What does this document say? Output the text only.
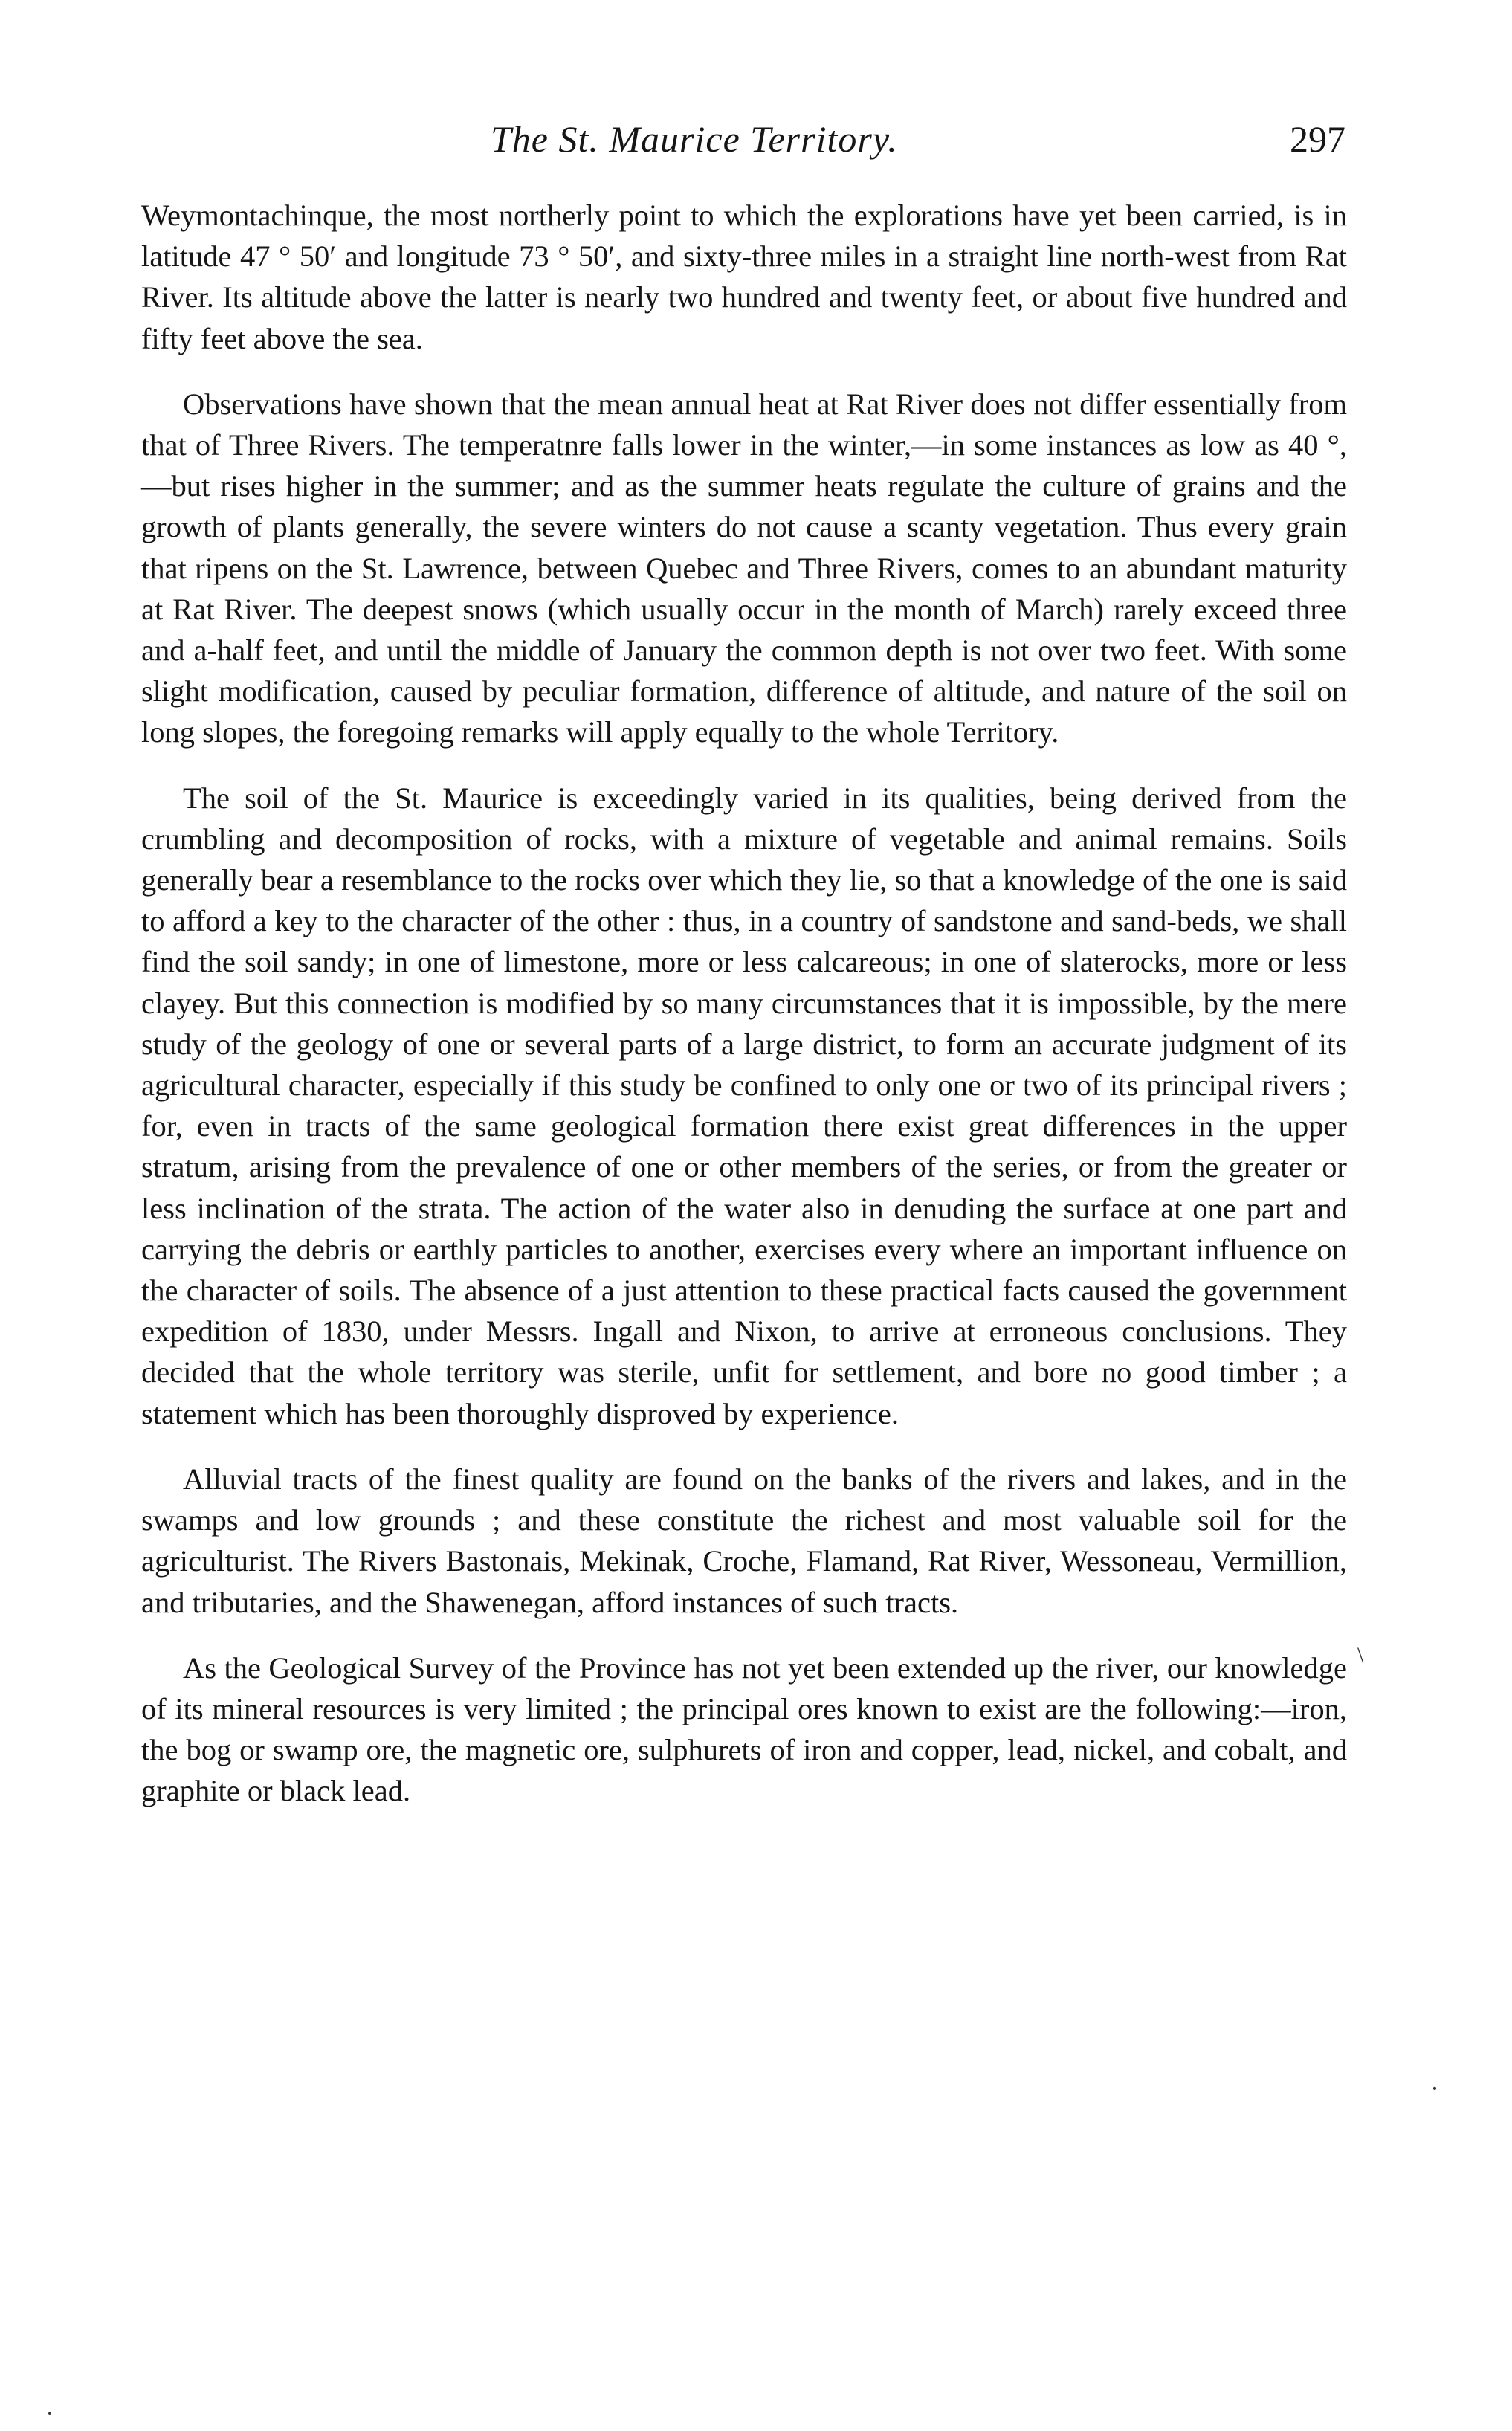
The St. Maurice Territory.	297

Weymontachinque, the most northerly point to which the explorations have yet been carried, is in latitude 47 ° 50′ and longitude 73 ° 50′, and sixty-three miles in a straight line north-west from Rat River. Its altitude above the latter is nearly two hundred and twenty feet, or about five hundred and fifty feet above the sea.

Observations have shown that the mean annual heat at Rat River does not differ essentially from that of Three Rivers. The temperatnre falls lower in the winter,—in some instances as low as 40 °,—but rises higher in the summer; and as the summer heats regulate the culture of grains and the growth of plants generally, the severe winters do not cause a scanty vegetation. Thus every grain that ripens on the St. Lawrence, between Quebec and Three Rivers, comes to an abundant maturity at Rat River. The deepest snows (which usually occur in the month of March) rarely exceed three and a-half feet, and until the middle of January the common depth is not over two feet. With some slight modification, caused by peculiar formation, difference of altitude, and nature of the soil on long slopes, the foregoing remarks will apply equally to the whole Territory.

The soil of the St. Maurice is exceedingly varied in its qualities, being derived from the crumbling and decomposition of rocks, with a mixture of vegetable and animal remains. Soils generally bear a resemblance to the rocks over which they lie, so that a knowledge of the one is said to afford a key to the character of the other : thus, in a country of sandstone and sand-beds, we shall find the soil sandy; in one of limestone, more or less calcareous; in one of slaterocks, more or less clayey. But this connection is modified by so many circumstances that it is impossible, by the mere study of the geology of one or several parts of a large district, to form an accurate judgment of its agricultural character, especially if this study be confined to only one or two of its principal rivers ; for, even in tracts of the same geological formation there exist great differences in the upper stratum, arising from the prevalence of one or other members of the series, or from the greater or less inclination of the strata. The action of the water also in denuding the surface at one part and carrying the debris or earthly particles to another, exercises every where an important influence on the character of soils. The absence of a just attention to these practical facts caused the government expedition of 1830, under Messrs. Ingall and Nixon, to arrive at erroneous conclusions. They decided that the whole territory was sterile, unfit for settlement, and bore no good timber ; a statement which has been thoroughly disproved by experience.

Alluvial tracts of the finest quality are found on the banks of the rivers and lakes, and in the swamps and low grounds ; and these constitute the richest and most valuable soil for the agriculturist. The Rivers Bastonais, Mekinak, Croche, Flamand, Rat River, Wessoneau, Vermillion, and tributaries, and the Shawenegan, afford instances of such tracts.

As the Geological Survey of the Province has not yet been extended up the river, our knowledge of its mineral resources is very limited ; the principal ores known to exist are the following:—iron, the bog or swamp ore, the magnetic ore, sulphurets of iron and copper, lead, nickel, and cobalt, and graphite or black lead.

\
·
·
